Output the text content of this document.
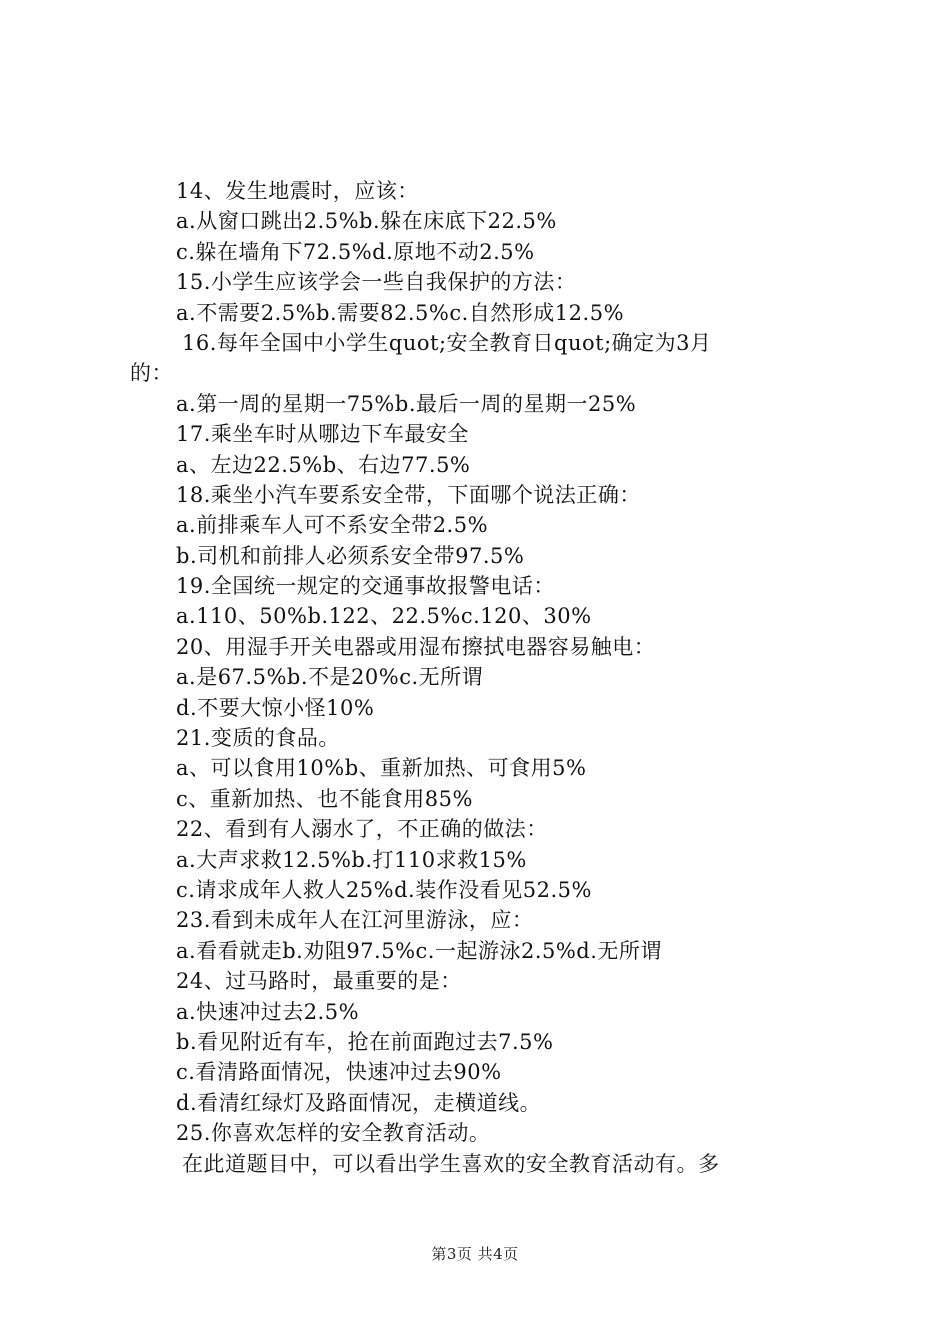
14、发生地震时，应该：
a.从窗口跳出2.5%b.躲在床底下22.5%
c.躲在墙角下72.5%d.原地不动2.5%
15.小学生应该学会一些自我保护的方法：
a.不需要2.5%b.需要82.5%c.自然形成12.5%
16.每年全国中小学生quot;安全教育日quot;确定为3月
的：
a.第一周的星期一75%b.最后一周的星期一25%
17.乘坐车时从哪边下车最安全
a、左边22.5%b、右边77.5%
18.乘坐小汽车要系安全带，下面哪个说法正确：
a.前排乘车人可不系安全带2.5%
b.司机和前排人必须系安全带97.5%
19.全国统一规定的交通事故报警电话：
a.110、50%b.122、22.5%c.120、30%
20、用湿手开关电器或用湿布擦拭电器容易触电：
a.是67.5%b.不是20%c.无所谓
d.不要大惊小怪10%
21.变质的食品。
a、可以食用10%b、重新加热、可食用5%
c、重新加热、也不能食用85%
22、看到有人溺水了，不正确的做法：
a.大声求救12.5%b.打110求救15%
c.请求成年人救人25%d.装作没看见52.5%
23.看到未成年人在江河里游泳，应：
a.看看就走b.劝阻97.5%c.一起游泳2.5%d.无所谓
24、过马路时，最重要的是：
a.快速冲过去2.5%
b.看见附近有车，抢在前面跑过去7.5%
c.看清路面情况，快速冲过去90%
d.看清红绿灯及路面情况，走横道线。
25.你喜欢怎样的安全教育活动。
在此道题目中，可以看出学生喜欢的安全教育活动有。多
第3页 共4页
